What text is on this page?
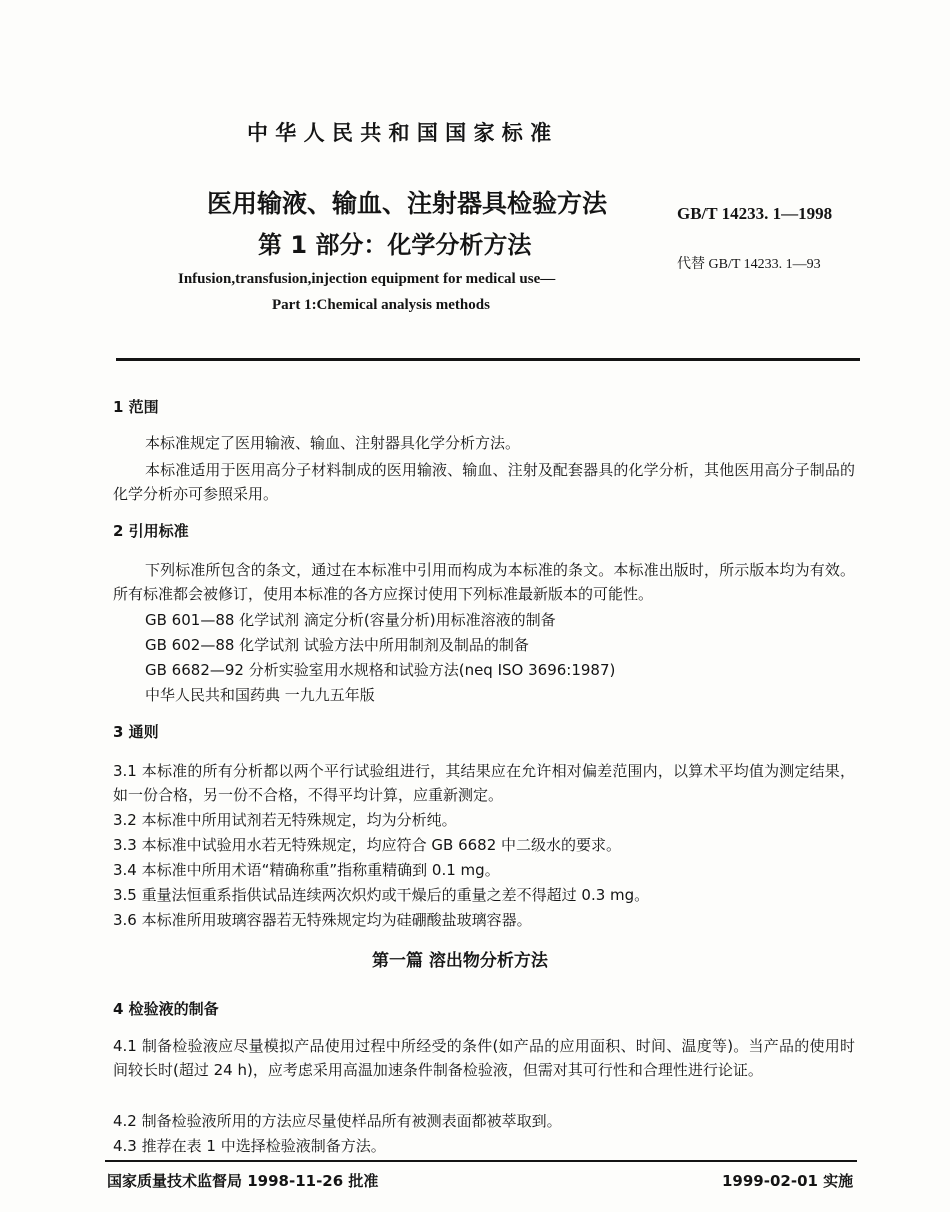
中 华 人 民 共 和 国 国 家 标 准
医用输液、输血、注射器具检验方法
第 1 部分：化学分析方法
Infusion,transfusion,injection equipment for medical use—
Part 1:Chemical analysis methods
GB/T 14233. 1—1998
代替 GB/T 14233. 1—93
1 范围
本标准规定了医用输液、输血、注射器具化学分析方法。
本标准适用于医用高分子材料制成的医用输液、输血、注射及配套器具的化学分析，其他医用高分子制品的化学分析亦可参照采用。
2 引用标准
下列标准所包含的条文，通过在本标准中引用而构成为本标准的条文。本标准出版时，所示版本均为有效。所有标准都会被修订，使用本标准的各方应探讨使用下列标准最新版本的可能性。
GB 601—88 化学试剂 滴定分析(容量分析)用标准溶液的制备
GB 602—88 化学试剂 试验方法中所用制剂及制品的制备
GB 6682—92 分析实验室用水规格和试验方法(neq ISO 3696:1987)
中华人民共和国药典 一九九五年版
3 通则
3.1 本标准的所有分析都以两个平行试验组进行，其结果应在允许相对偏差范围内，以算术平均值为测定结果，如一份合格，另一份不合格，不得平均计算，应重新测定。
3.2 本标准中所用试剂若无特殊规定，均为分析纯。
3.3 本标准中试验用水若无特殊规定，均应符合 GB 6682 中二级水的要求。
3.4 本标准中所用术语“精确称重”指称重精确到 0.1 mg。
3.5 重量法恒重系指供试品连续两次炽灼或干燥后的重量之差不得超过 0.3 mg。
3.6 本标准所用玻璃容器若无特殊规定均为硅硼酸盐玻璃容器。
第一篇 溶出物分析方法
4 检验液的制备
4.1 制备检验液应尽量模拟产品使用过程中所经受的条件(如产品的应用面积、时间、温度等)。当产品的使用时间较长时(超过 24 h)，应考虑采用高温加速条件制备检验液，但需对其可行性和合理性进行论证。
4.2 制备检验液所用的方法应尽量使样品所有被测表面都被萃取到。
4.3 推荐在表 1 中选择检验液制备方法。
国家质量技术监督局 1998-11-26 批准	1999-02-01 实施
